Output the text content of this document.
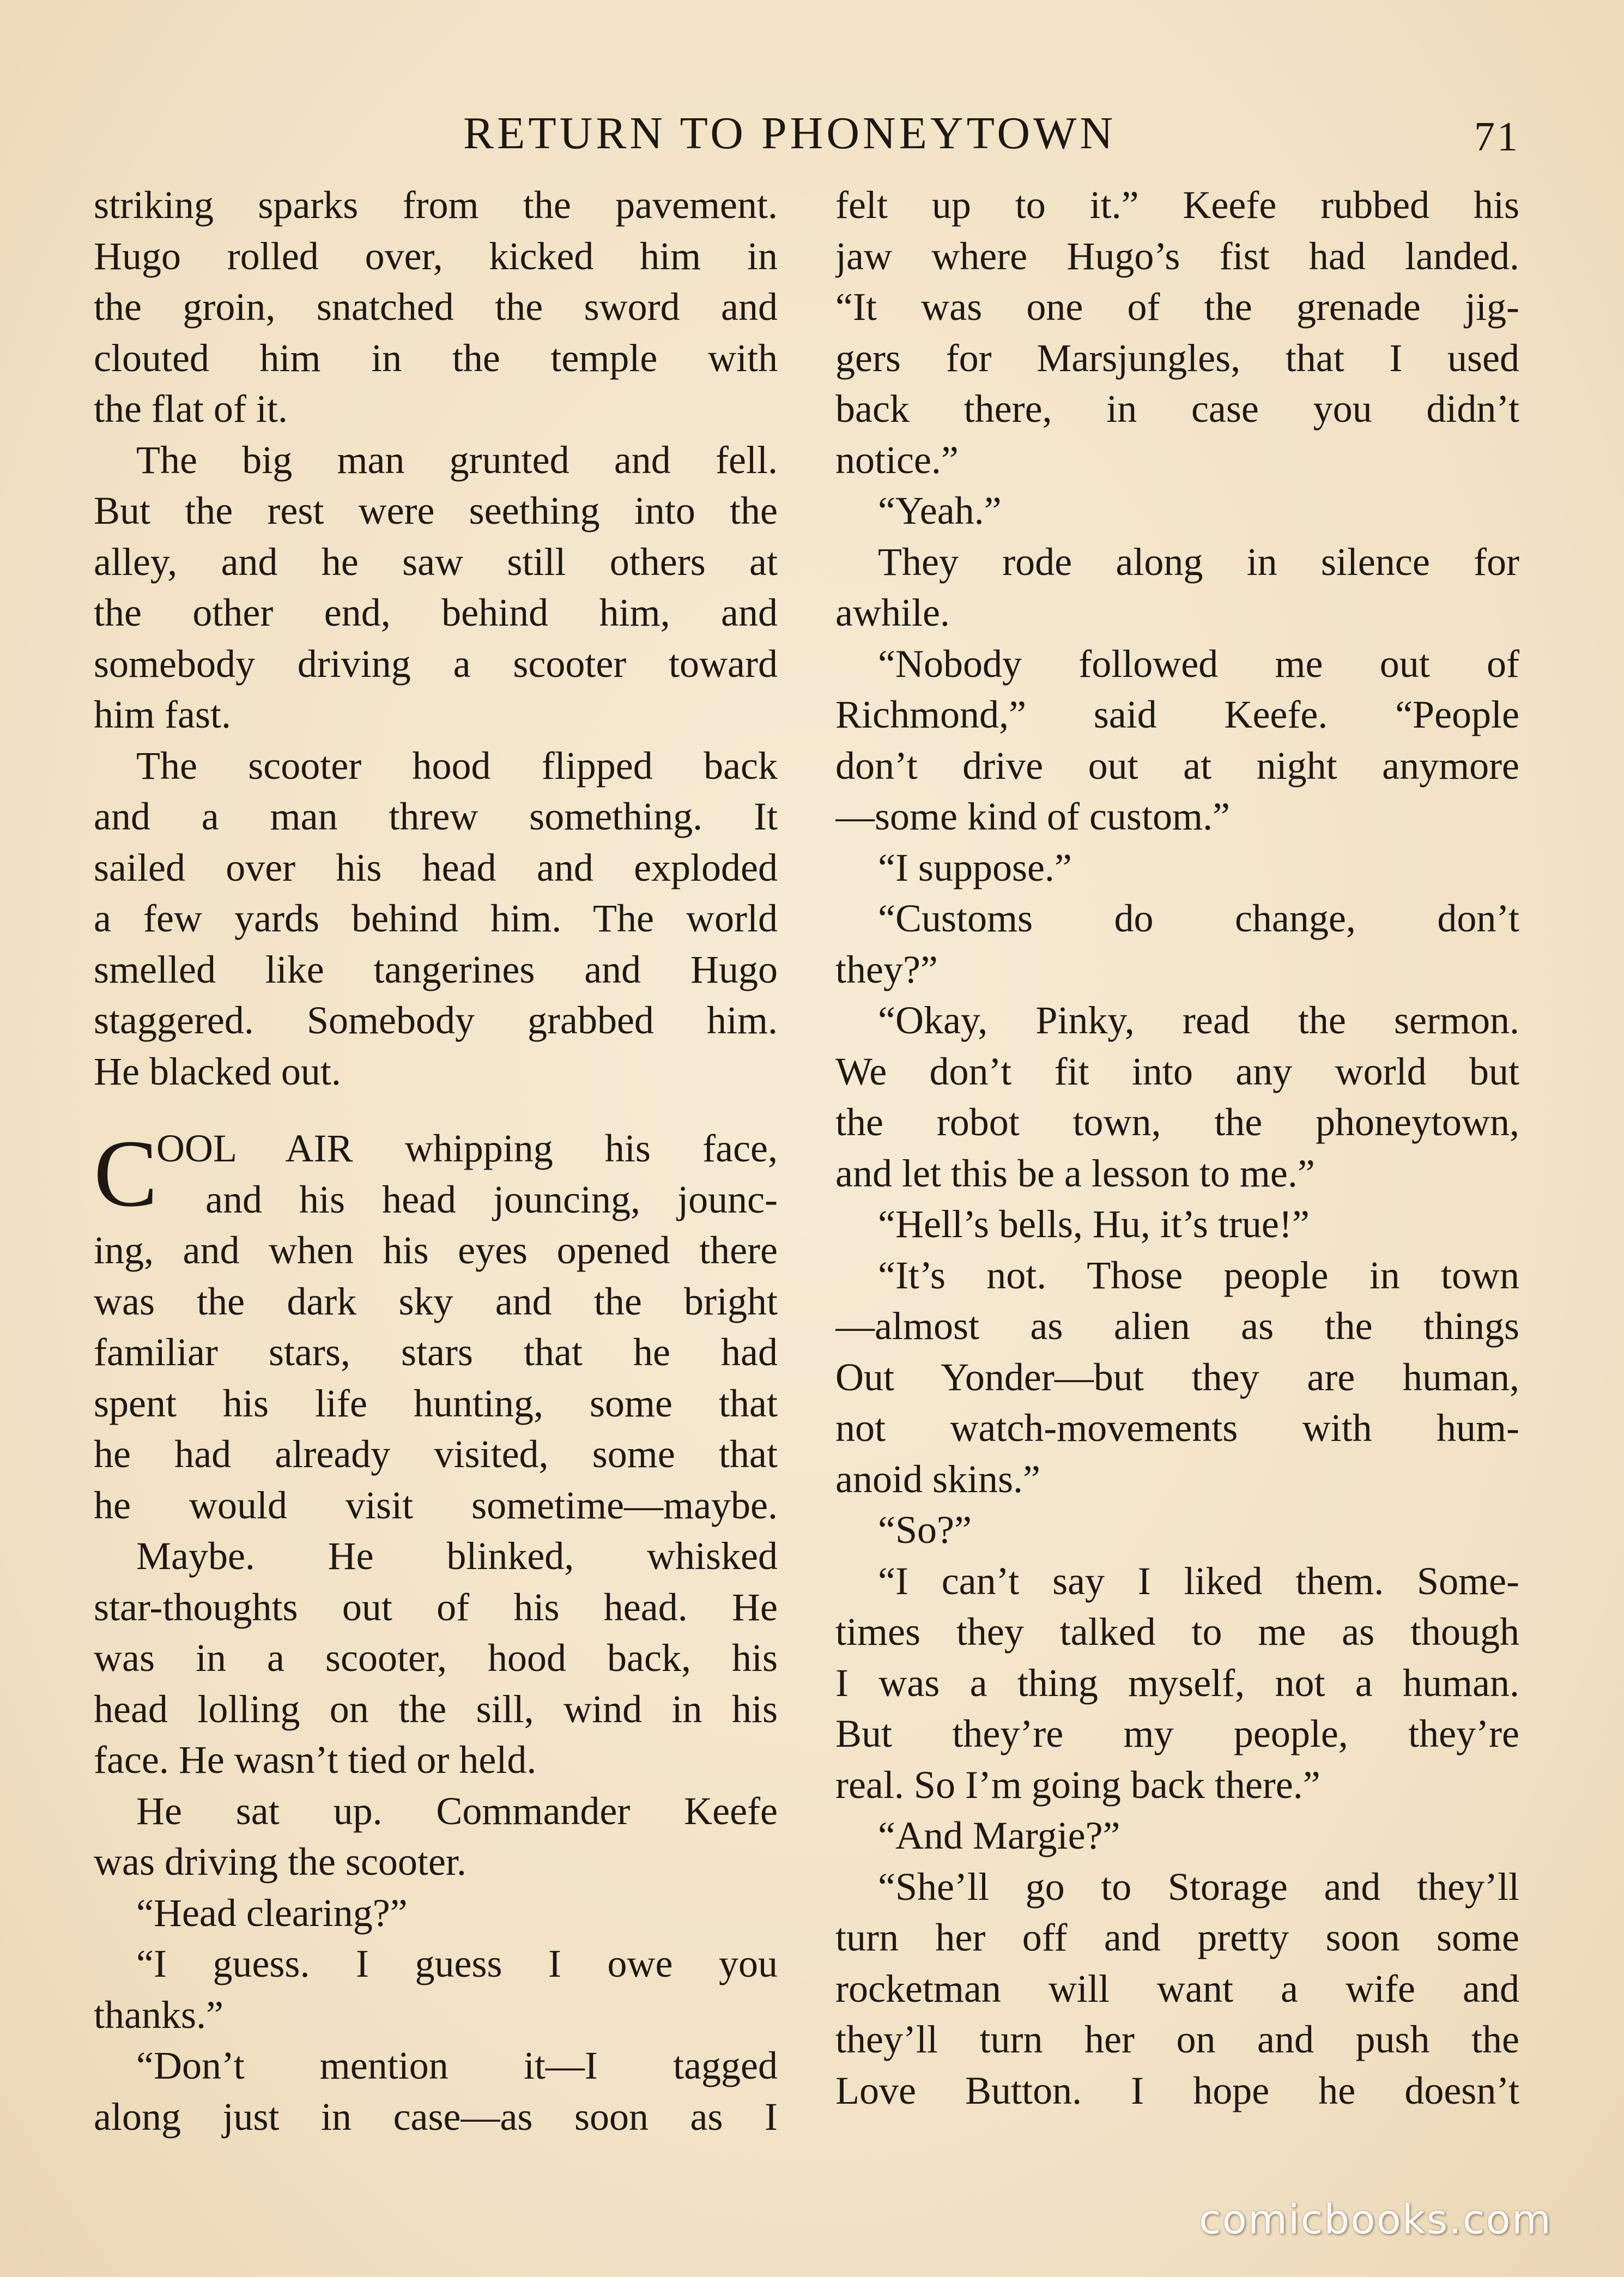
RETURN TO PHONEYTOWN	71
striking sparks from the pavement.
Hugo rolled over, kicked him in
the groin, snatched the sword and
clouted him in the temple with
the flat of it.
The big man grunted and fell.
But the rest were seething into the
alley, and he saw still others at
the other end, behind him, and
somebody driving a scooter toward
him fast.
The scooter hood flipped back
and a man threw something. It
sailed over his head and exploded
a few yards behind him. The world
smelled like tangerines and Hugo
staggered. Somebody grabbed him.
He blacked out.
C
OOL AIR whipping his face,
and his head jouncing, jounc-
ing, and when his eyes opened there
was the dark sky and the bright
familiar stars, stars that he had
spent his life hunting, some that
he had already visited, some that
he would visit sometime—maybe.
Maybe. He blinked, whisked
star-thoughts out of his head. He
was in a scooter, hood back, his
head lolling on the sill, wind in his
face. He wasn’t tied or held.
He sat up. Commander Keefe
was driving the scooter.
“Head clearing?”
“I guess. I guess I owe you
thanks.”
“Don’t mention it—I tagged
along just in case—as soon as I
felt up to it.” Keefe rubbed his
jaw where Hugo’s fist had landed.
“It was one of the grenade jig-
gers for Marsjungles, that I used
back there, in case you didn’t
notice.”
“Yeah.”
They rode along in silence for
awhile.
“Nobody followed me out of
Richmond,” said Keefe. “People
don’t drive out at night anymore
—some kind of custom.”
“I suppose.”
“Customs do change, don’t
they?”
“Okay, Pinky, read the sermon.
We don’t fit into any world but
the robot town, the phoneytown,
and let this be a lesson to me.”
“Hell’s bells, Hu, it’s true!”
“It’s not. Those people in town
—almost as alien as the things
Out Yonder—but they are human,
not watch-movements with hum-
anoid skins.”
“So?”
“I can’t say I liked them. Some-
times they talked to me as though
I was a thing myself, not a human.
But they’re my people, they’re
real. So I’m going back there.”
“And Margie?”
“She’ll go to Storage and they’ll
turn her off and pretty soon some
rocketman will want a wife and
they’ll turn her on and push the
Love Button. I hope he doesn’t
comicbooks.com
